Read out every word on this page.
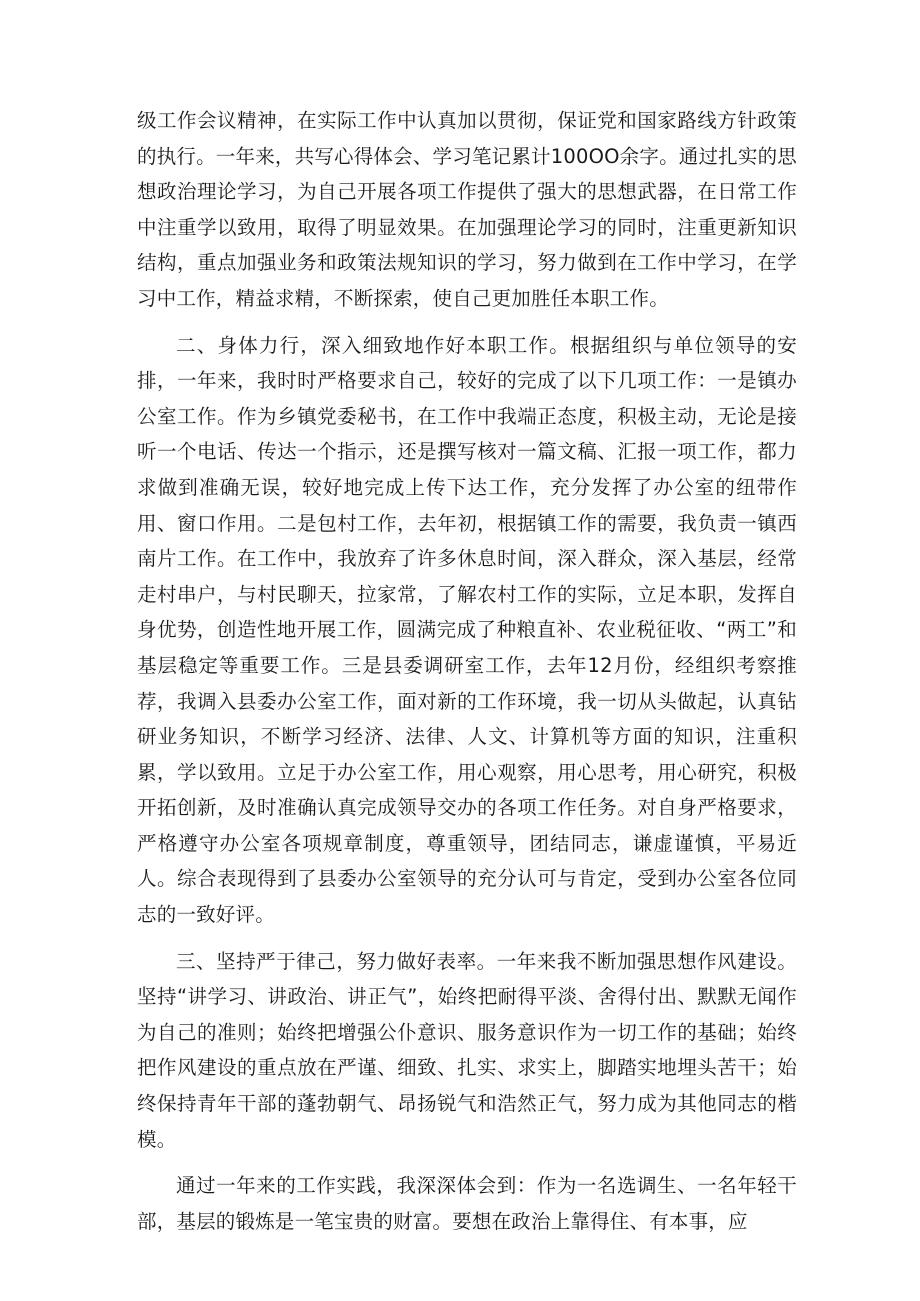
级工作会议精神，在实际工作中认真加以贯彻，保证党和国家路线方针政策的执行。一年来，共写心得体会、学习笔记累计100OO余字。通过扎实的思想政治理论学习，为自己开展各项工作提供了强大的思想武器，在日常工作中注重学以致用，取得了明显效果。在加强理论学习的同时，注重更新知识结构，重点加强业务和政策法规知识的学习，努力做到在工作中学习，在学习中工作，精益求精，不断探索，使自己更加胜任本职工作。

二、身体力行，深入细致地作好本职工作。根据组织与单位领导的安排，一年来，我时时严格要求自己，较好的完成了以下几项工作：一是镇办公室工作。作为乡镇党委秘书，在工作中我端正态度，积极主动，无论是接听一个电话、传达一个指示，还是撰写核对一篇文稿、汇报一项工作，都力求做到准确无误，较好地完成上传下达工作，充分发挥了办公室的纽带作用、窗口作用。二是包村工作，去年初，根据镇工作的需要，我负责一镇西南片工作。在工作中，我放弃了许多休息时间，深入群众，深入基层，经常走村串户，与村民聊天，拉家常，了解农村工作的实际，立足本职，发挥自身优势，创造性地开展工作，圆满完成了种粮直补、农业税征收、“两工”和基层稳定等重要工作。三是县委调研室工作，去年12月份，经组织考察推荐，我调入县委办公室工作，面对新的工作环境，我一切从头做起，认真钻研业务知识，不断学习经济、法律、人文、计算机等方面的知识，注重积累，学以致用。立足于办公室工作，用心观察，用心思考，用心研究，积极开拓创新，及时准确认真完成领导交办的各项工作任务。对自身严格要求，严格遵守办公室各项规章制度，尊重领导，团结同志，谦虚谨慎，平易近人。综合表现得到了县委办公室领导的充分认可与肯定，受到办公室各位同志的一致好评。

三、坚持严于律己，努力做好表率。一年来我不断加强思想作风建设。坚持“讲学习、讲政治、讲正气”，始终把耐得平淡、舍得付出、默默无闻作为自己的准则；始终把增强公仆意识、服务意识作为一切工作的基础；始终把作风建设的重点放在严谨、细致、扎实、求实上，脚踏实地埋头苦干；始终保持青年干部的蓬勃朝气、昂扬锐气和浩然正气，努力成为其他同志的楷模。

通过一年来的工作实践，我深深体会到：作为一名选调生、一名年轻干部，基层的锻炼是一笔宝贵的财富。要想在政治上靠得住、有本事，应
